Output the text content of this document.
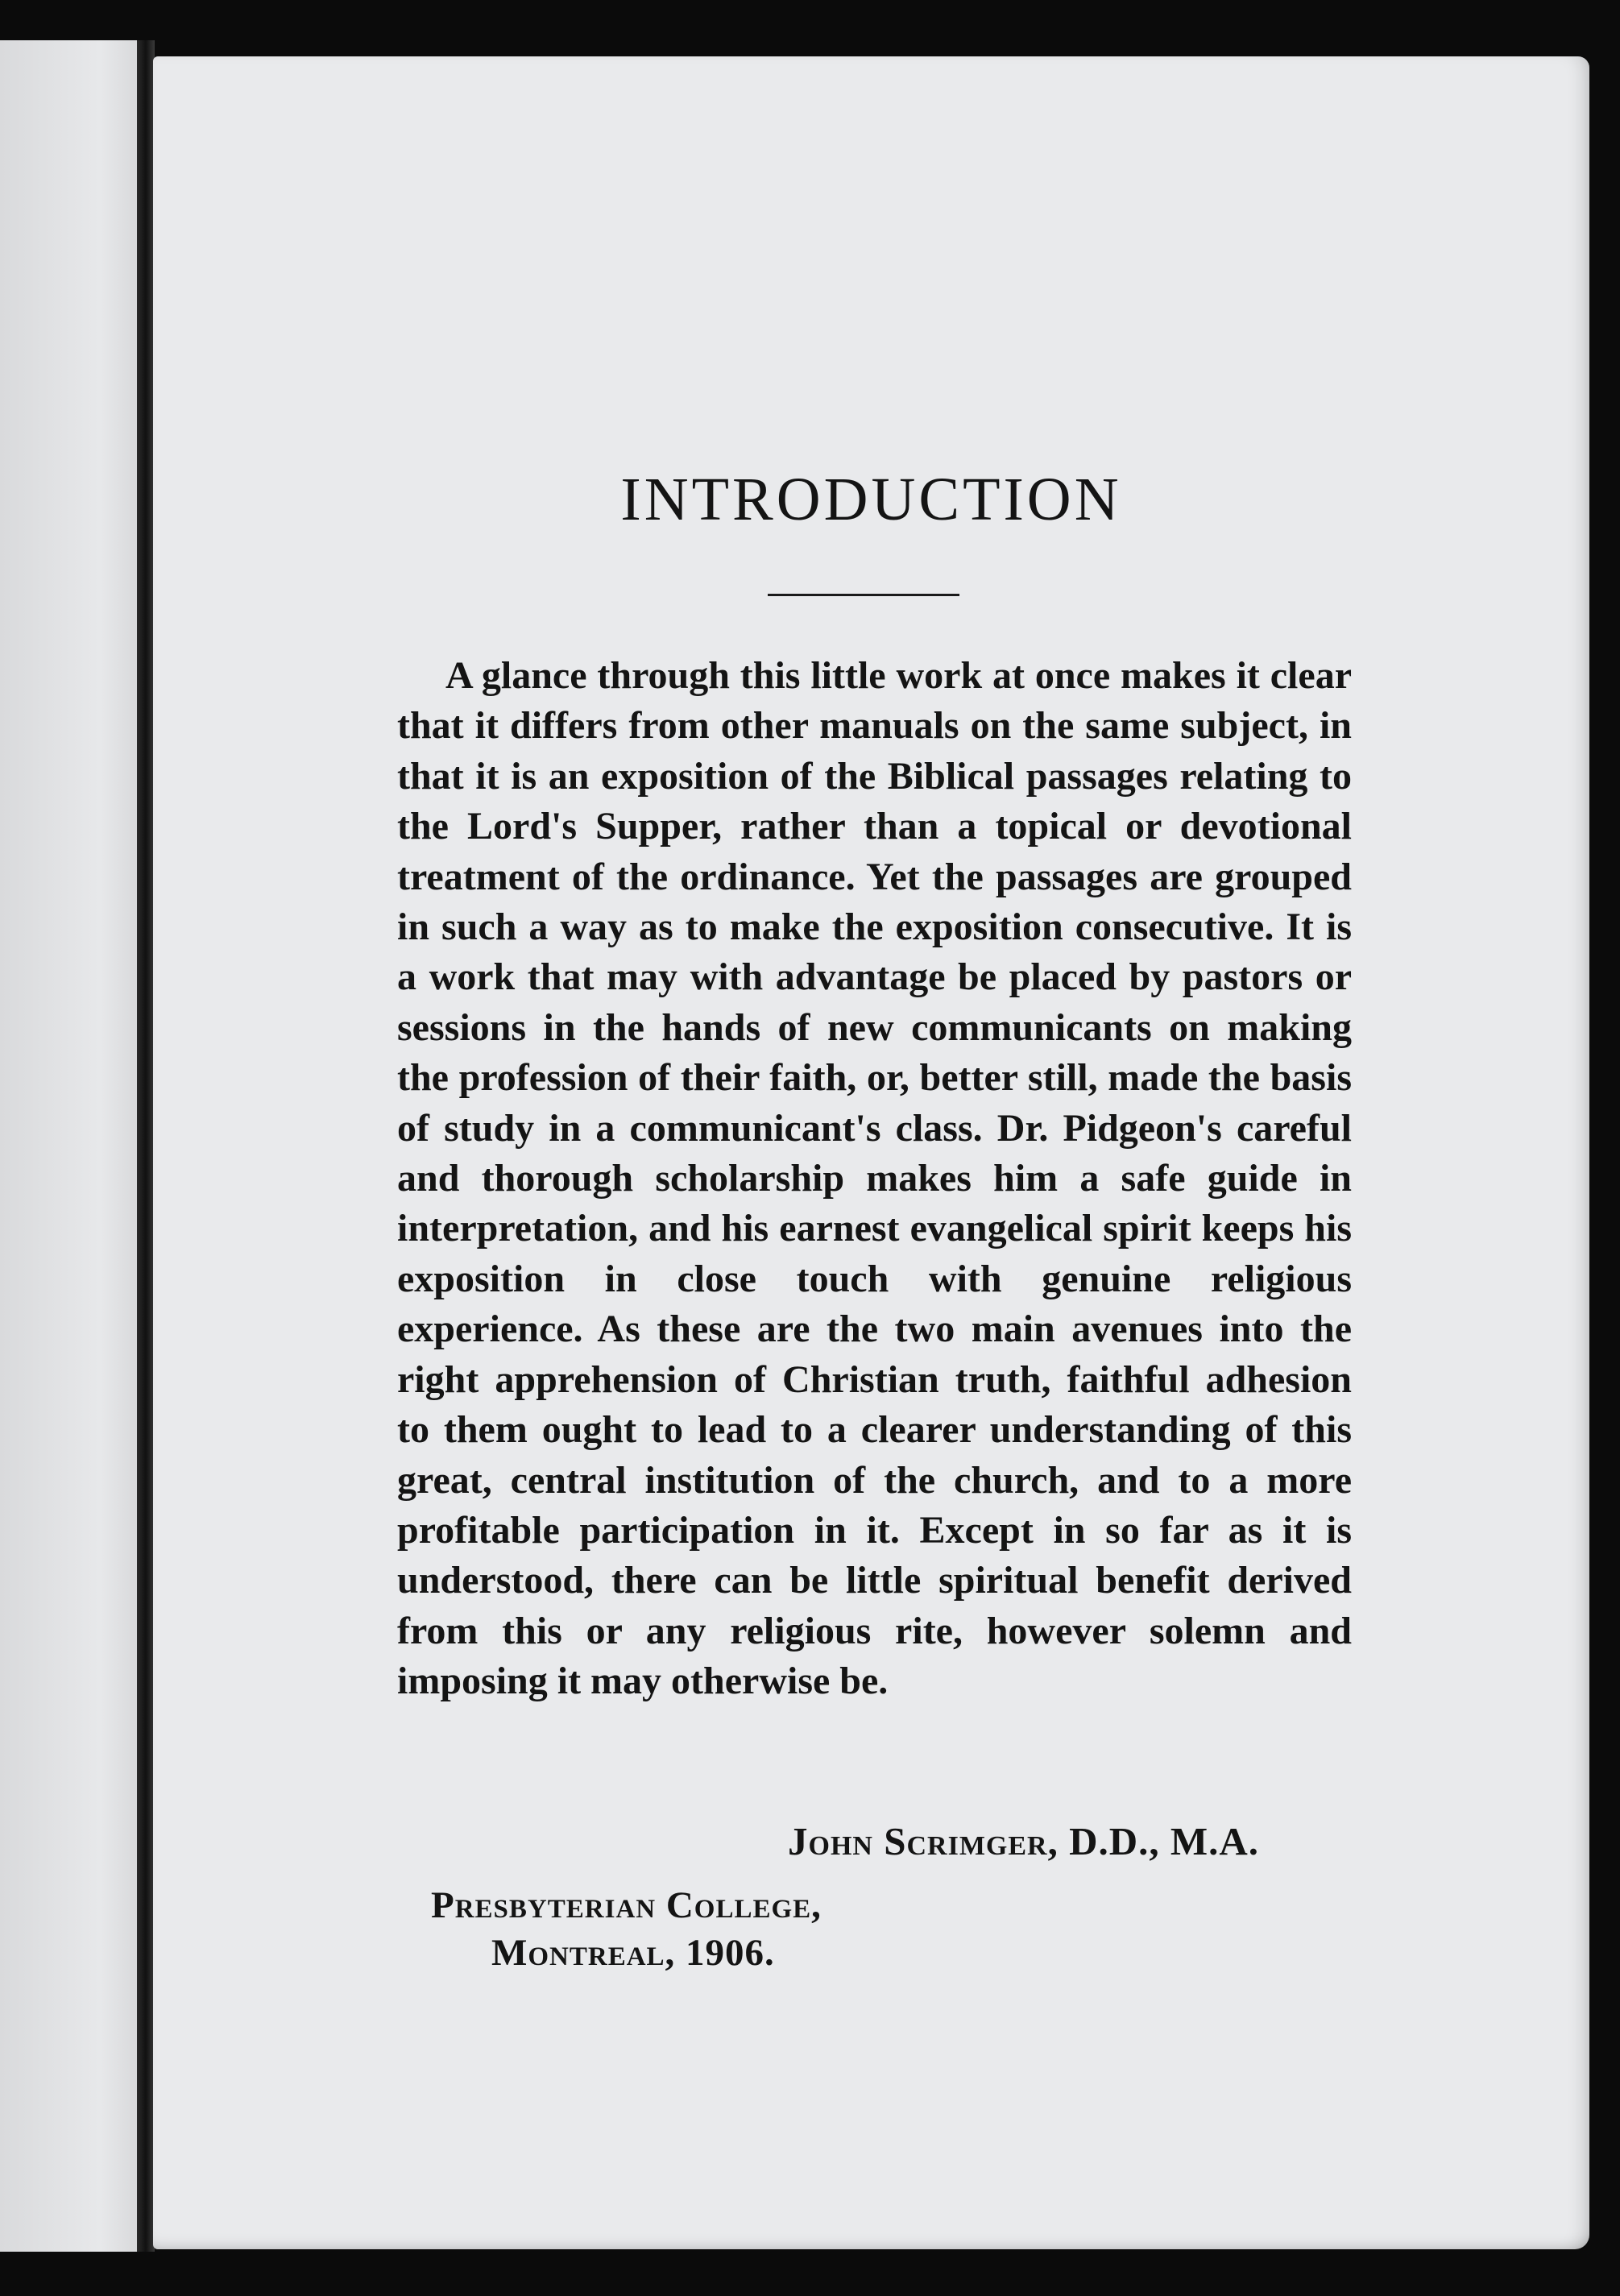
INTRODUCTION

A glance through this little work at once makes it clear that it differs from other manuals on the same subject, in that it is an exposition of the Biblical passages relating to the Lord's Supper, rather than a topical or devotional treatment of the ordinance. Yet the passages are grouped in such a way as to make the exposition consecutive. It is a work that may with advantage be placed by pastors or sessions in the hands of new communicants on making the profession of their faith, or, better still, made the basis of study in a communicant's class. Dr. Pidgeon's careful and thorough scholarship makes him a safe guide in interpretation, and his earnest evangelical spirit keeps his exposition in close touch with genuine religious experience. As these are the two main avenues into the right apprehension of Christian truth, faithful adhesion to them ought to lead to a clearer understanding of this great, central institution of the church, and to a more profitable participation in it. Except in so far as it is understood, there can be little spiritual benefit derived from this or any religious rite, however solemn and imposing it may otherwise be.

John Scrimger, D.D., M.A.
Presbyterian College,
Montreal, 1906.
